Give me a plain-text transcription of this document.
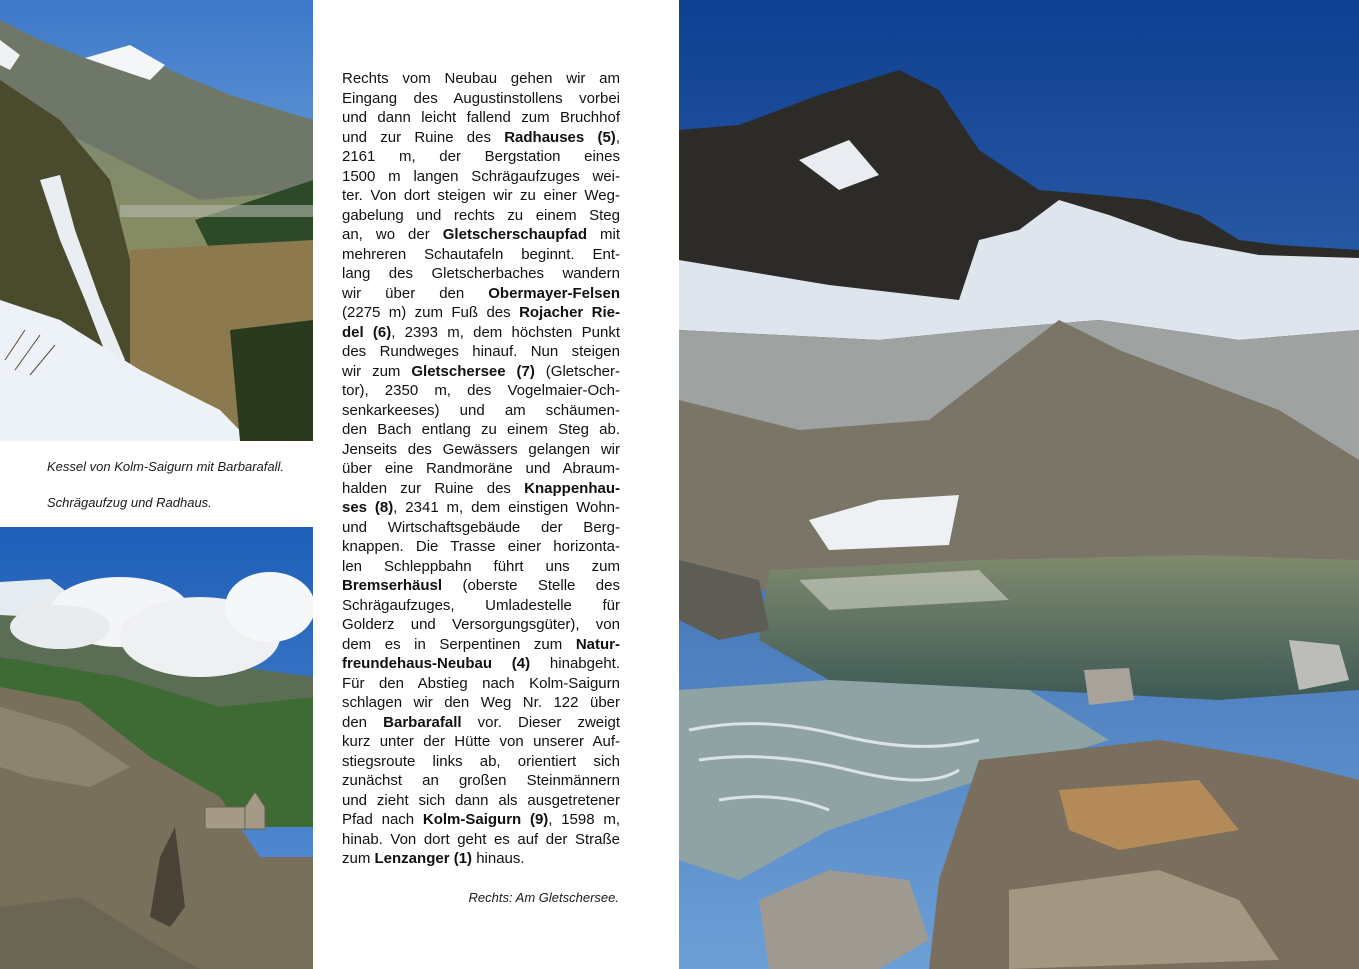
Kessel von Kolm-Saigurn mit Barbarafall.

Schrägaufzug und Radhaus.

Rechts vom Neubau gehen wir am
Eingang des Augustinstollens vorbei
und dann leicht fallend zum Bruchhof
und zur Ruine des Radhauses (5),
2161 m, der Bergstation eines
1500 m langen Schrägaufzuges wei-
ter. Von dort steigen wir zu einer Weg-
gabelung und rechts zu einem Steg
an, wo der Gletscherschaupfad mit
mehreren Schautafeln beginnt. Ent-
lang des Gletscherbaches wandern
wir über den Obermayer-Felsen
(2275 m) zum Fuß des Rojacher Rie-
del (6), 2393 m, dem höchsten Punkt
des Rundweges hinauf. Nun steigen
wir zum Gletschersee (7) (Gletscher-
tor), 2350 m, des Vogelmaier-Och-
senkarkeeses) und am schäumen-
den Bach entlang zu einem Steg ab.
Jenseits des Gewässers gelangen wir
über eine Randmoräne und Abraum-
halden zur Ruine des Knappenhau-
ses (8), 2341 m, dem einstigen Wohn-
und Wirtschaftsgebäude der Berg-
knappen. Die Trasse einer horizonta-
len Schleppbahn führt uns zum
Bremserhäusl (oberste Stelle des
Schrägaufzuges, Umladestelle für
Golderz und Versorgungsgüter), von
dem es in Serpentinen zum Natur-
freundehaus-Neubau (4) hinabgeht.
Für den Abstieg nach Kolm-Saigurn
schlagen wir den Weg Nr. 122 über
den Barbarafall vor. Dieser zweigt
kurz unter der Hütte von unserer Auf-
stiegsroute links ab, orientiert sich
zunächst an großen Steinmännern
und zieht sich dann als ausgetretener
Pfad nach Kolm-Saigurn (9), 1598 m,
hinab. Von dort geht es auf der Straße
zum Lenzanger (1) hinaus.

Rechts: Am Gletschersee.
